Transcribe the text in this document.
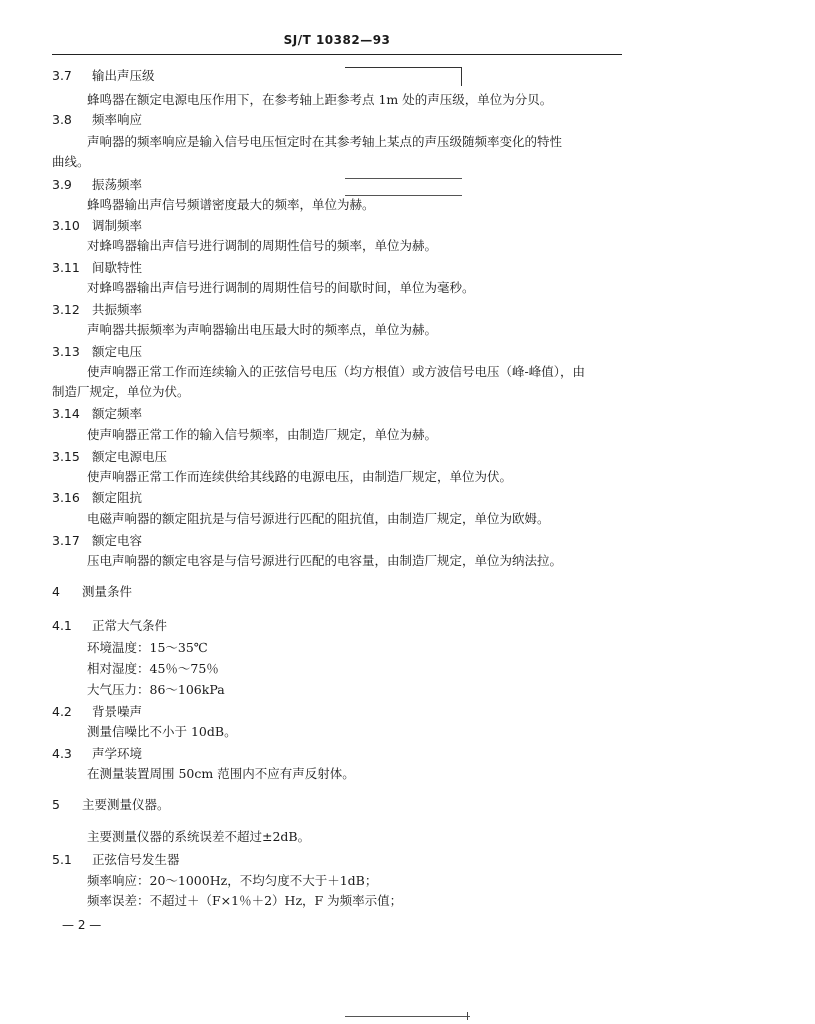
SJ/T 10382—93
3.7 输出声压级
蜂鸣器在额定电源电压作用下，在参考轴上距参考点 1m 处的声压级，单位为分贝。
3.8 频率响应
声响器的频率响应是输入信号电压恒定时在其参考轴上某点的声压级随频率变化的特性
曲线。
3.9 振荡频率
蜂鸣器输出声信号频谱密度最大的频率，单位为赫。
3.10 调制频率
对蜂鸣器输出声信号进行调制的周期性信号的频率，单位为赫。
3.11 间歇特性
对蜂鸣器输出声信号进行调制的周期性信号的间歇时间，单位为毫秒。
3.12 共振频率
声响器共振频率为声响器输出电压最大时的频率点，单位为赫。
3.13 额定电压
使声响器正常工作而连续输入的正弦信号电压（均方根值）或方波信号电压（峰-峰值），由
制造厂规定，单位为伏。
3.14 额定频率
使声响器正常工作的输入信号频率，由制造厂规定，单位为赫。
3.15 额定电源电压
使声响器正常工作而连续供给其线路的电源电压，由制造厂规定，单位为伏。
3.16 额定阻抗
电磁声响器的额定阻抗是与信号源进行匹配的阻抗值，由制造厂规定，单位为欧姆。
3.17 额定电容
压电声响器的额定电容是与信号源进行匹配的电容量，由制造厂规定，单位为纳法拉。
4 测量条件
4.1 正常大气条件
环境温度：15～35℃
相对湿度：45％～75％
大气压力：86～106kPa
4.2 背景噪声
测量信噪比不小于 10dB。
4.3 声学环境
在测量装置周围 50cm 范围内不应有声反射体。
5 主要测量仪器。
主要测量仪器的系统误差不超过±2dB。
5.1 正弦信号发生器
频率响应：20～1000Hz，不均匀度不大于＋1dB；
频率误差：不超过＋（F×1％＋2）Hz，F 为频率示值；
— 2 —
